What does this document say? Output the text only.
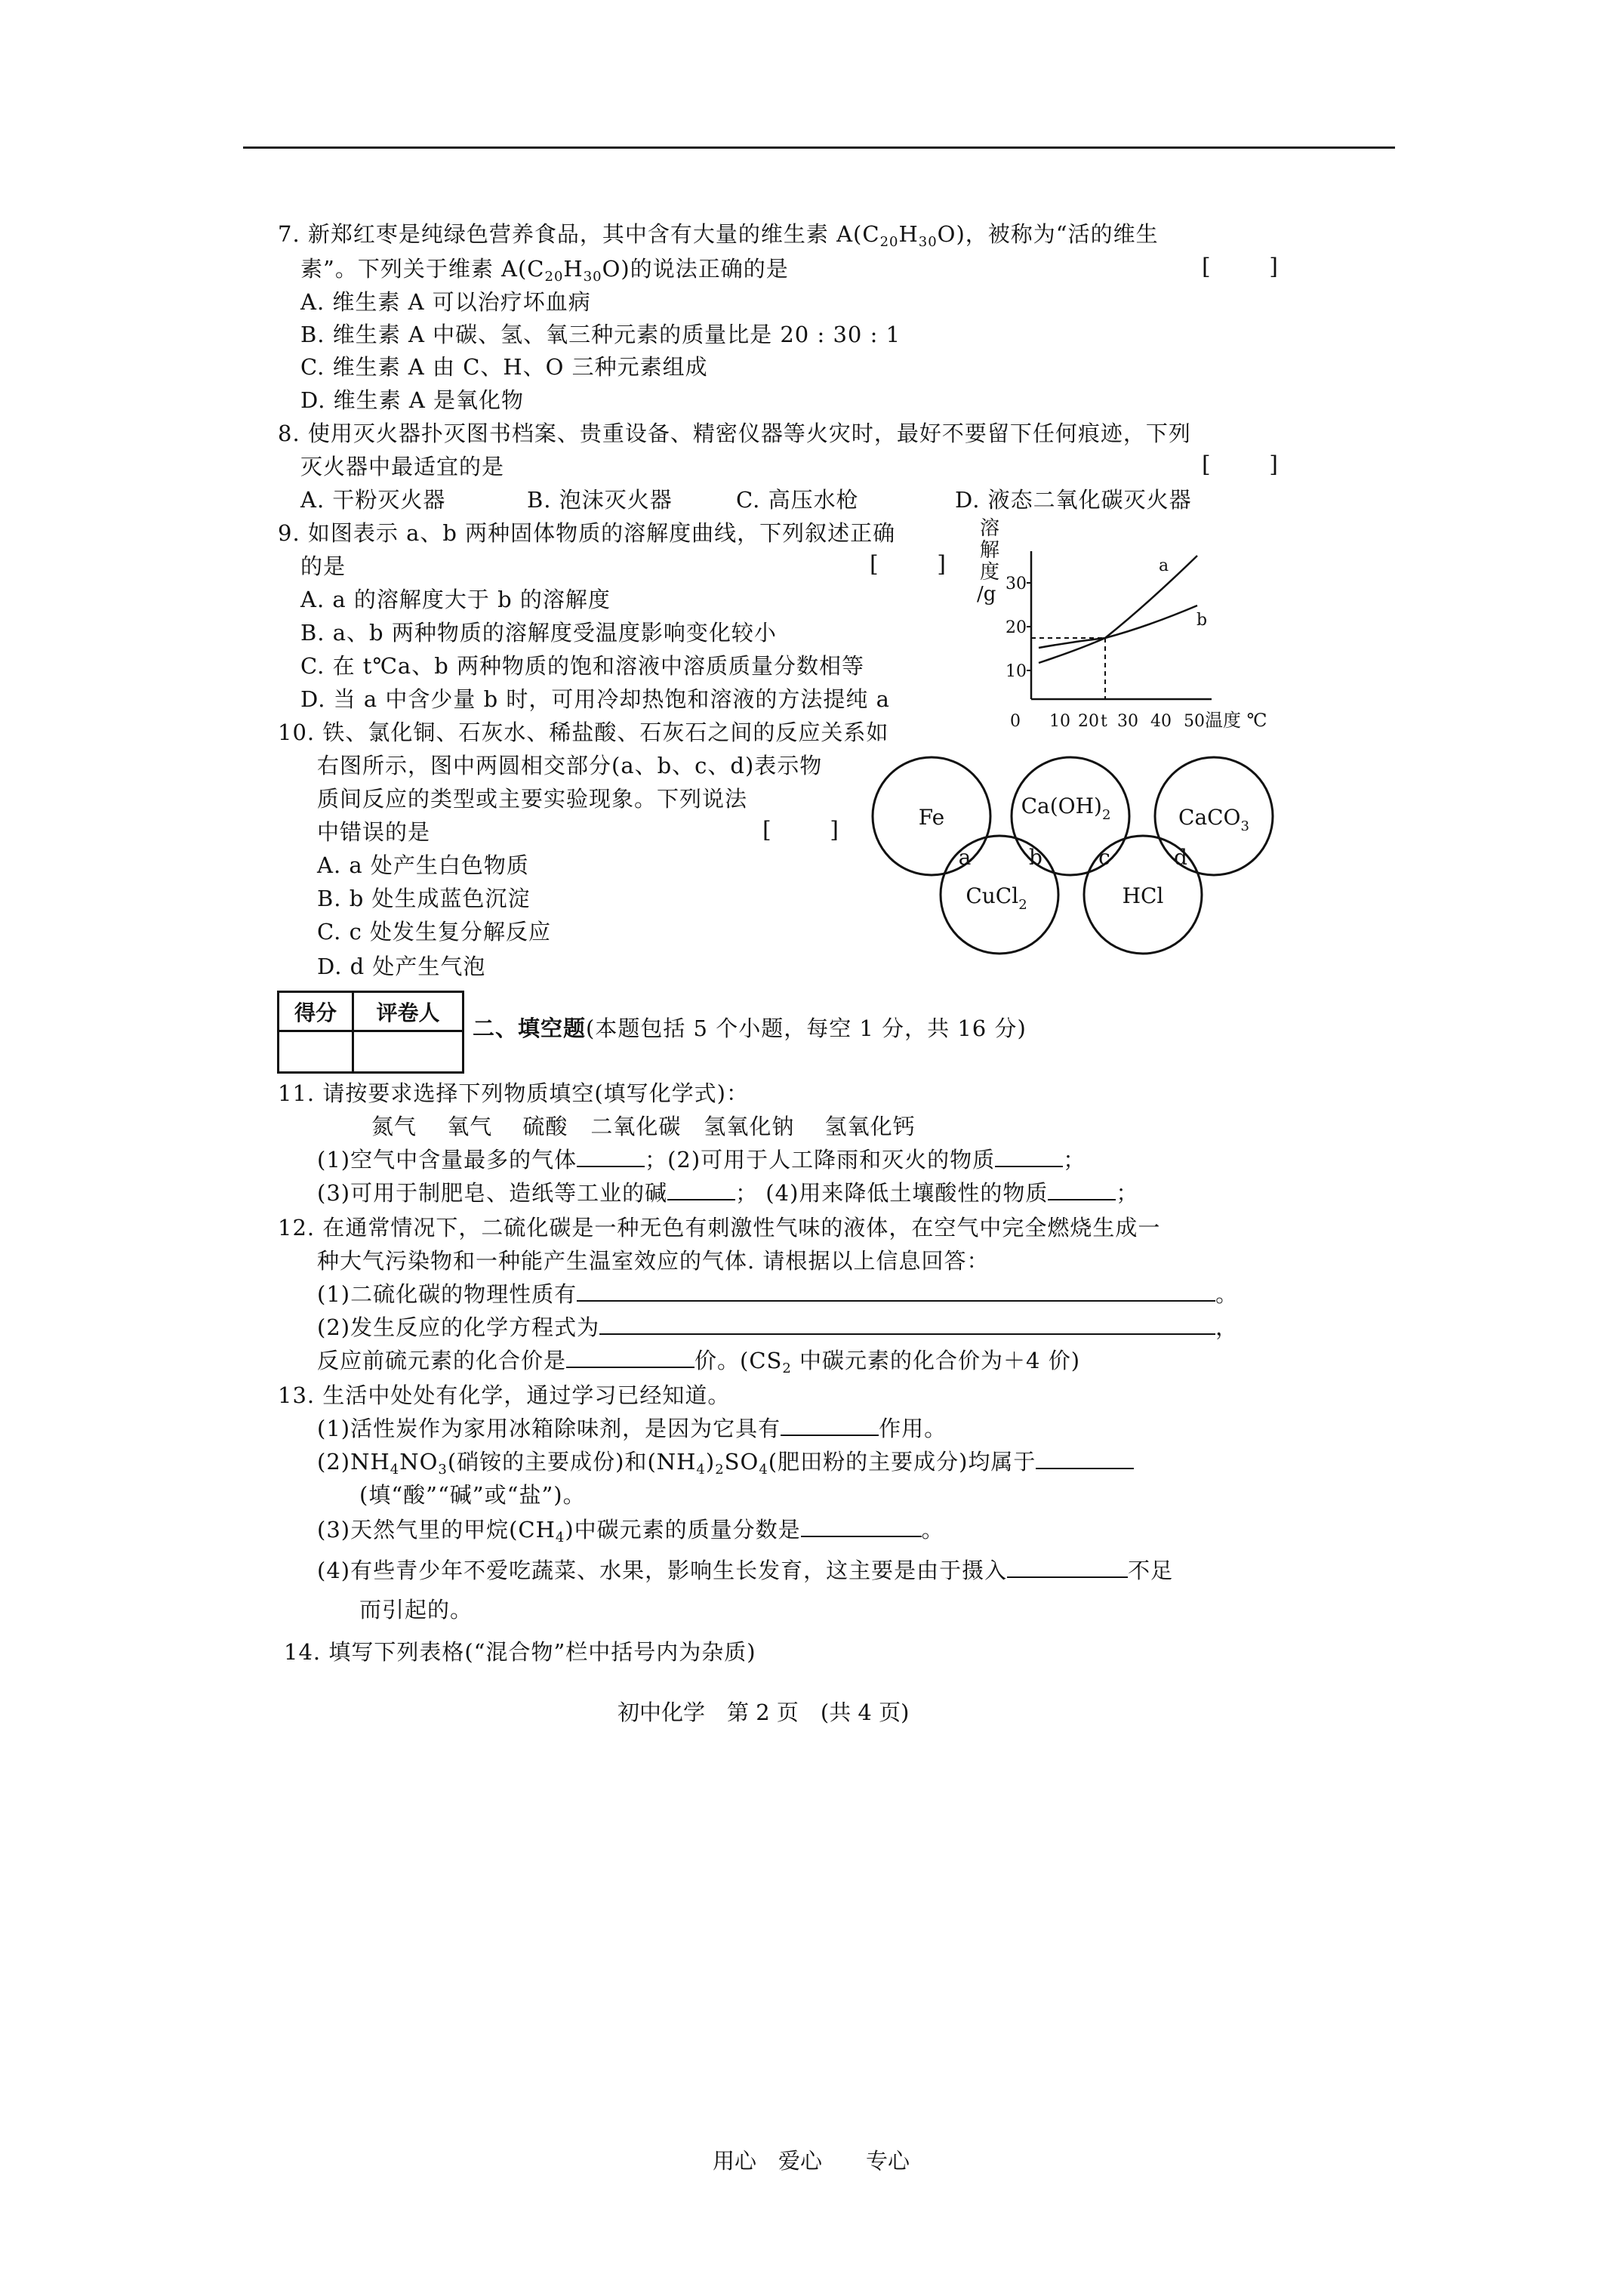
7. 新郑红枣是纯绿色营养食品，其中含有大量的维生素 $A(C_{20}H_{30}O)$，被称为“活的维生
素”。下列关于维素 $A(C_{20}H_{30}O)$的说法正确的是	[ ]
A. 维生素 A 可以治疗坏血病
B. 维生素 A 中碳、氢、氧三种元素的质量比是 20 : 30 : 1
C. 维生素 A 由 C、H、O 三种元素组成
D. 维生素 A 是氧化物
8. 使用灭火器扑灭图书档案、贵重设备、精密仪器等火灾时，最好不要留下任何痕迹，下列
灭火器中最适宜的是	[ ]
A. 干粉灭火器	B. 泡沫灭火器	C. 高压水枪	D. 液态二氧化碳灭火器
9. 如图表示 a、b 两种固体物质的溶解度曲线，下列叙述正确
的是	[ ]
A. a 的溶解度大于 b 的溶解度
B. a、b 两种物质的溶解度受温度影响变化较小
C. 在 t℃a、b 两种物质的饱和溶液中溶质质量分数相等
D. 当 a 中含少量 b 时，可用冷却热饱和溶液的方法提纯 a
溶
解
度
/g 30
20
10
0 10 20 t 30 40 50
a
b
温度 ℃
10. 铁、氯化铜、石灰水、稀盐酸、石灰石之间的反应关系如
右图所示，图中两圆相交部分(a、b、c、d)表示物
质间反应的类型或主要实验现象。下列说法
中错误的是	[ ]
A. a 处产生白色物质
B. b 处生成蓝色沉淀
C. c 处发生复分解反应
D. d 处产生气泡
Fe	$Ca(OH)_2$	CaCO$_3$
CuCl$_2$	HCl
a	b	c	d
得分	评卷人

二、填空题(本题包括 5 个小题，每空 1 分，共 16 分)
11. 请按要求选择下列物质填空(填写化学式)：
氮气　 氧气　 硫酸　二氧化碳　氢氧化钠　 氢氧化钙
(1)空气中含量最多的气体	；(2)可用于人工降雨和灭火的物质	；
(3)可用于制肥皂、造纸等工业的碱	； (4)用来降低土壤酸性的物质	；
12. 在通常情况下，二硫化碳是一种无色有刺激性气味的液体，在空气中完全燃烧生成一
种大气污染物和一种能产生温室效应的气体. 请根据以上信息回答：
(1)二硫化碳的物理性质有	。
(2)发生反应的化学方程式为	，
反应前硫元素的化合价是	价。($CS_2$ 中碳元素的化合价为＋4 价)
13. 生活中处处有化学，通过学习已经知道。
(1)活性炭作为家用冰箱除味剂，是因为它具有	作用。
$(2)NH_4NO_3$(硝铵的主要成份)和$(NH_4)_2SO_4$(肥田粉的主要成分)均属于
(填“酸”“碱”或“盐”)。
(3)天然气里的甲烷$(CH_4)$中碳元素的质量分数是	。
(4)有些青少年不爱吃蔬菜、水果，影响生长发育，这主要是由于摄入	不足
而引起的。
14. 填写下列表格(“混合物”栏中括号内为杂质)
初中化学　第 2 页　(共 4 页)
用心　爱心　　专心
